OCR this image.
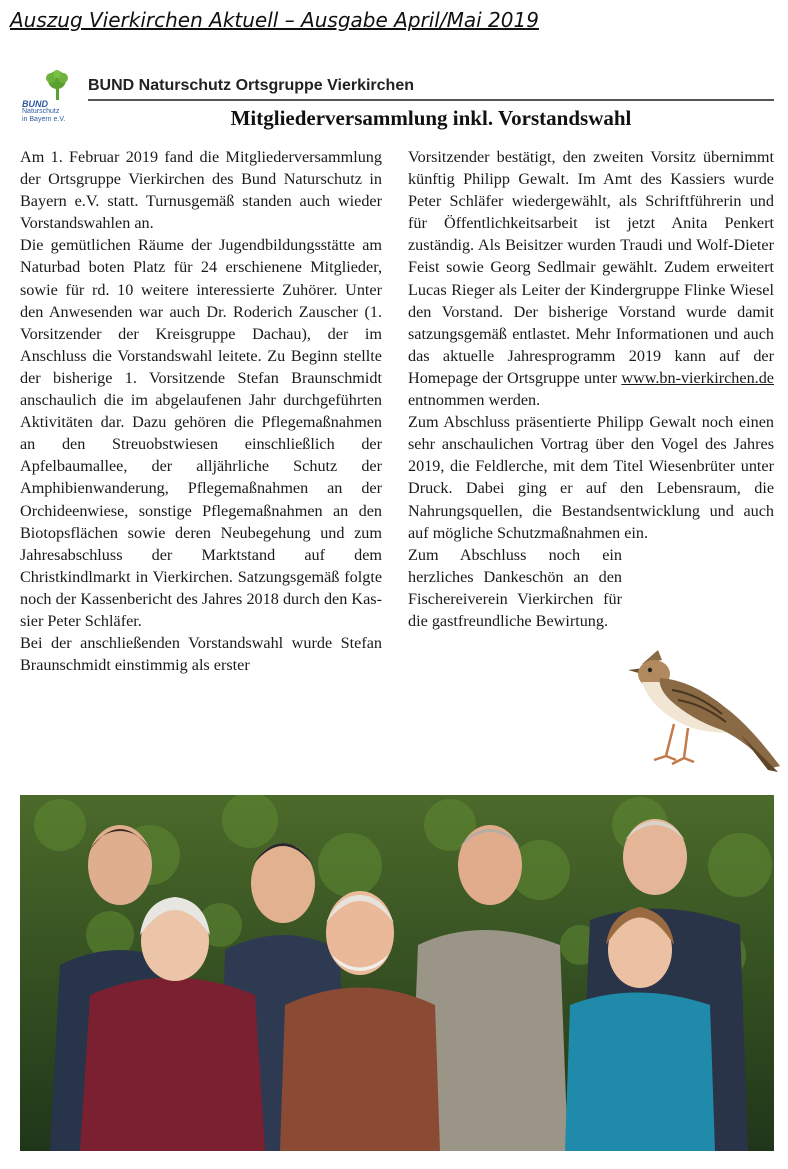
Auszug Vierkirchen Aktuell – Ausgabe April/Mai 2019
BUND
Naturschutz
in Bayern e.V.
BUND Naturschutz Ortsgruppe Vierkirchen
Mitgliederversammlung inkl. Vorstandswahl

Am 1. Februar 2019 fand die Mitgliederversammlung der Ortsgruppe Vierkirchen des Bund Naturschutz in Bayern e.V. statt. Turnusgemäß standen auch wieder Vorstandswahlen an.

Die gemütlichen Räume der Jugendbildungsstätte am Naturbad boten Platz für 24 erschienene Mitglieder, sowie für rd. 10 weitere interessierte Zuhörer. Unter den Anwesenden war auch Dr. Roderich Zauscher (1. Vorsitzender der Kreisgruppe Dachau), der im Anschluss die Vorstandswahl leitete. Zu Beginn stellte der bisherige 1. Vorsitzende Stefan Braunschmidt anschaulich die im abgelaufenen Jahr durchgeführten Aktivitäten dar. Dazu gehören die Pflegemaßnahmen an den Streuobstwiesen einschließlich der Apfelbaumallee, der alljährliche Schutz der Amphibienwanderung, Pflegemaßnahmen an der Orchideenwiese, sonstige Pflegemaßnahmen an den Biotopsflächen sowie deren Neubegehung und zum Jahresabschluss der Marktstand auf dem Christkindlmarkt in Vierkirchen. Satzungsgemäß folgte noch der Kassenbericht des Jahres 2018 durch den Kassier Peter Schläfer.

Bei der anschließenden Vorstandswahl wurde Stefan Braunschmidt einstimmig als erster

Vorsitzender bestätigt, den zweiten Vorsitz übernimmt künftig Philipp Gewalt. Im Amt des Kassiers wurde Peter Schläfer wiedergewählt, als Schriftführerin und für Öffentlichkeitsarbeit ist jetzt Anita Penkert zuständig. Als Beisitzer wurden Traudi und Wolf-Dieter Feist sowie Georg Sedlmair gewählt. Zudem erweitert Lucas Rieger als Leiter der Kindergruppe Flinke Wiesel den Vorstand. Der bisherige Vorstand wurde damit satzungsgemäß entlastet. Mehr Informationen und auch das aktuelle Jahresprogramm 2019 kann auf der Homepage der Ortsgruppe unter www.bn-vierkirchen.de entnommen werden.

Zum Abschluss präsentierte Philipp Gewalt noch einen sehr anschaulichen Vortrag über den Vogel des Jahres 2019, die Feldlerche, mit dem Titel Wiesenbrüter unter Druck. Dabei ging er auf den Lebensraum, die Nahrungsquellen, die Bestandsentwicklung und auch auf mögliche Schutzmaßnahmen ein.

Zum Abschluss noch ein herzliches Dankeschön an den Fischereiverein Vierkirchen für die gastfreundliche Bewirtung.
